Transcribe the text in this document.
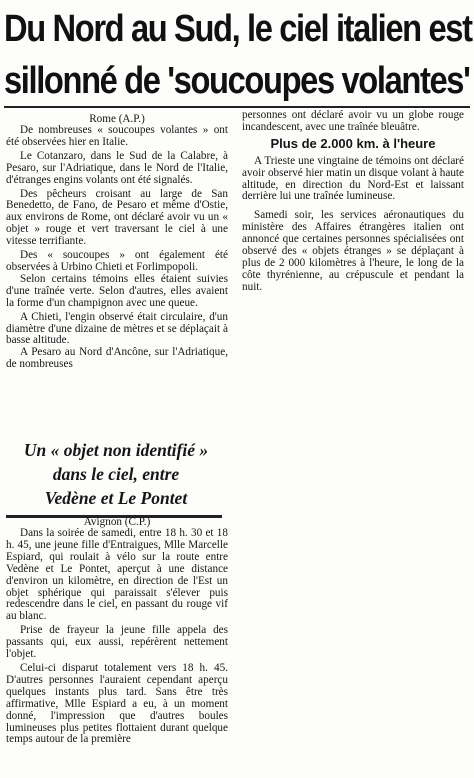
Du Nord au Sud, le ciel italien est
sillonné de 'soucoupes volantes'
Rome (A.P.)

De nombreuses « soucoupes volantes » ont été observées hier en Italie.

Le Cotanzaro, dans le Sud de la Calabre, à Pesaro, sur l'Adriatique, dans le Nord de l'Italie, d'étranges engins volants ont été signalés.

Des pêcheurs croisant au large de San Benedetto, de Fano, de Pesaro et même d'Ostie, aux environs de Rome, ont déclaré avoir vu un « objet » rouge et vert traversant le ciel à une vitesse terrifiante.

Des « soucoupes » ont également été observées à Urbino Chieti et Forlimpopoli.

Selon certains témoins elles étaient suivies d'une traînée verte. Selon d'autres, elles avaient la forme d'un champignon avec une queue.

A Chieti, l'engin observé était circulaire, d'un diamètre d'une dizaine de mètres et se déplaçait à basse altitude.

A Pesaro au Nord d'Ancône, sur l'Adriatique, de nombreuses

personnes ont déclaré avoir vu un globe rouge incandescent, avec une traînée bleuâtre.

Plus de 2.000 km. à l'heure

A Trieste une vingtaine de témoins ont déclaré avoir observé hier matin un disque volant à haute altitude, en direction du Nord-Est et laissant derrière lui une traînée lumineuse.

Samedi soir, les services aéronautiques du ministère des Affaires étrangères italien ont annoncé que certaines personnes spécialisées ont observé des « objets étranges » se déplaçant à plus de 2 000 kilomètres à l'heure, le long de la côte thyrénienne, au crépuscule et pendant la nuit.

Un « objet non identifié »
dans le ciel, entre
Vedène et Le Pontet
Avignon (C.P.)

Dans la soirée de samedi, entre 18 h. 30 et 18 h. 45, une jeune fille d'Entraigues, Mlle Marcelle Espiard, qui roulait à vélo sur la route entre Vedène et Le Pontet, aperçut à une distance d'environ un kilomètre, en direction de l'Est un objet sphérique qui paraissait s'élever puis redescendre dans le ciel, en passant du rouge vif au blanc.

Prise de frayeur la jeune fille appela des passants qui, eux aussi, repérèrent nettement l'objet.

Celui-ci disparut totalement vers 18 h. 45. D'autres personnes l'auraient cependant aperçu quelques instants plus tard. Sans être très affirmative, Mlle Espiard a eu, à un moment donné, l'impression que d'autres boules lumineuses plus petites flottaient durant quelque temps autour de la première
